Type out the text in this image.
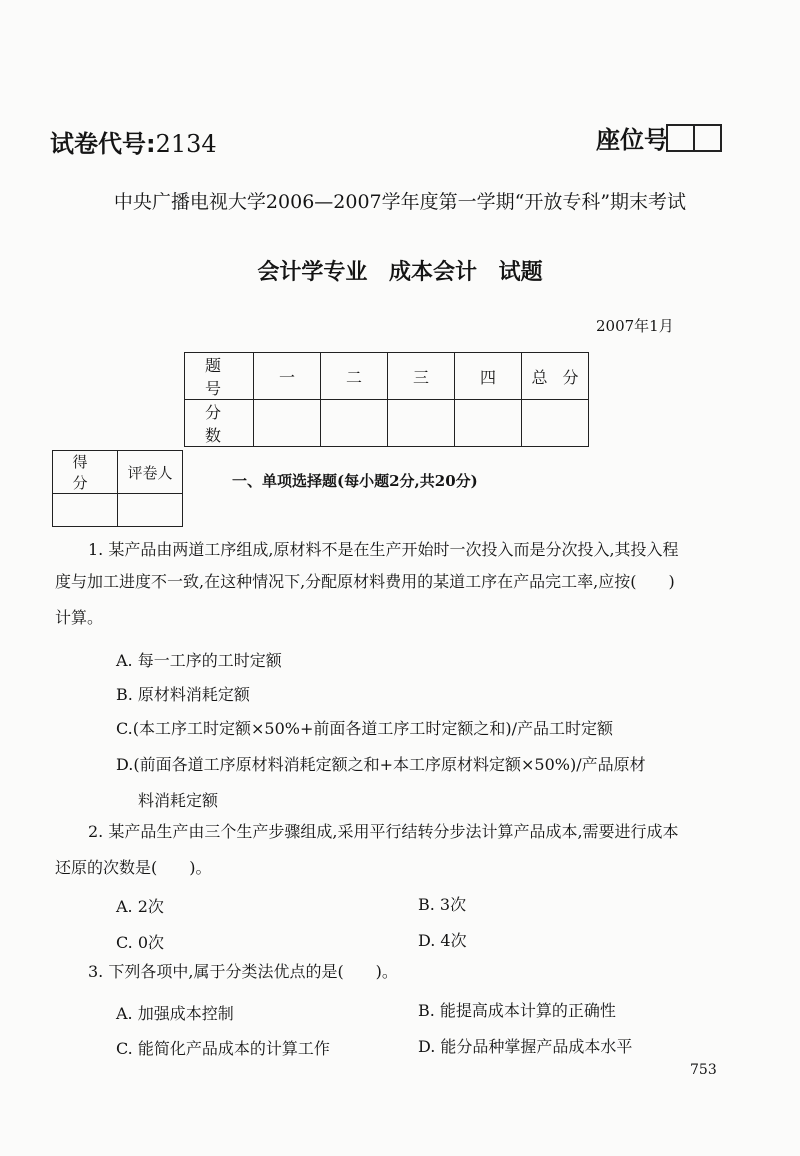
试卷代号:2134	座位号
中央广播电视大学2006—2007学年度第一学期“开放专科”期末考试
会计学专业 成本会计 试题
2007年1月
题 号	一	二	三	四	总 分
分 数					
得 分	评卷人
		一、单项选择题(每小题2分,共20分)
1. 某产品由两道工序组成,原材料不是在生产开始时一次投入而是分次投入,其投入程
度与加工进度不一致,在这种情况下,分配原材料费用的某道工序在产品完工率,应按(　　)
计算。
A. 每一工序的工时定额
B. 原材料消耗定额
C.(本工序工时定额×50%+前面各道工序工时定额之和)/产品工时定额
D.(前面各道工序原材料消耗定额之和+本工序原材料定额×50%)/产品原材
料消耗定额
2. 某产品生产由三个生产步骤组成,采用平行结转分步法计算产品成本,需要进行成本
还原的次数是(　　)。
A. 2次	B. 3次
C. 0次	D. 4次
3. 下列各项中,属于分类法优点的是(　　)。
A. 加强成本控制	B. 能提高成本计算的正确性
C. 能简化产品成本的计算工作	D. 能分品种掌握产品成本水平
753
